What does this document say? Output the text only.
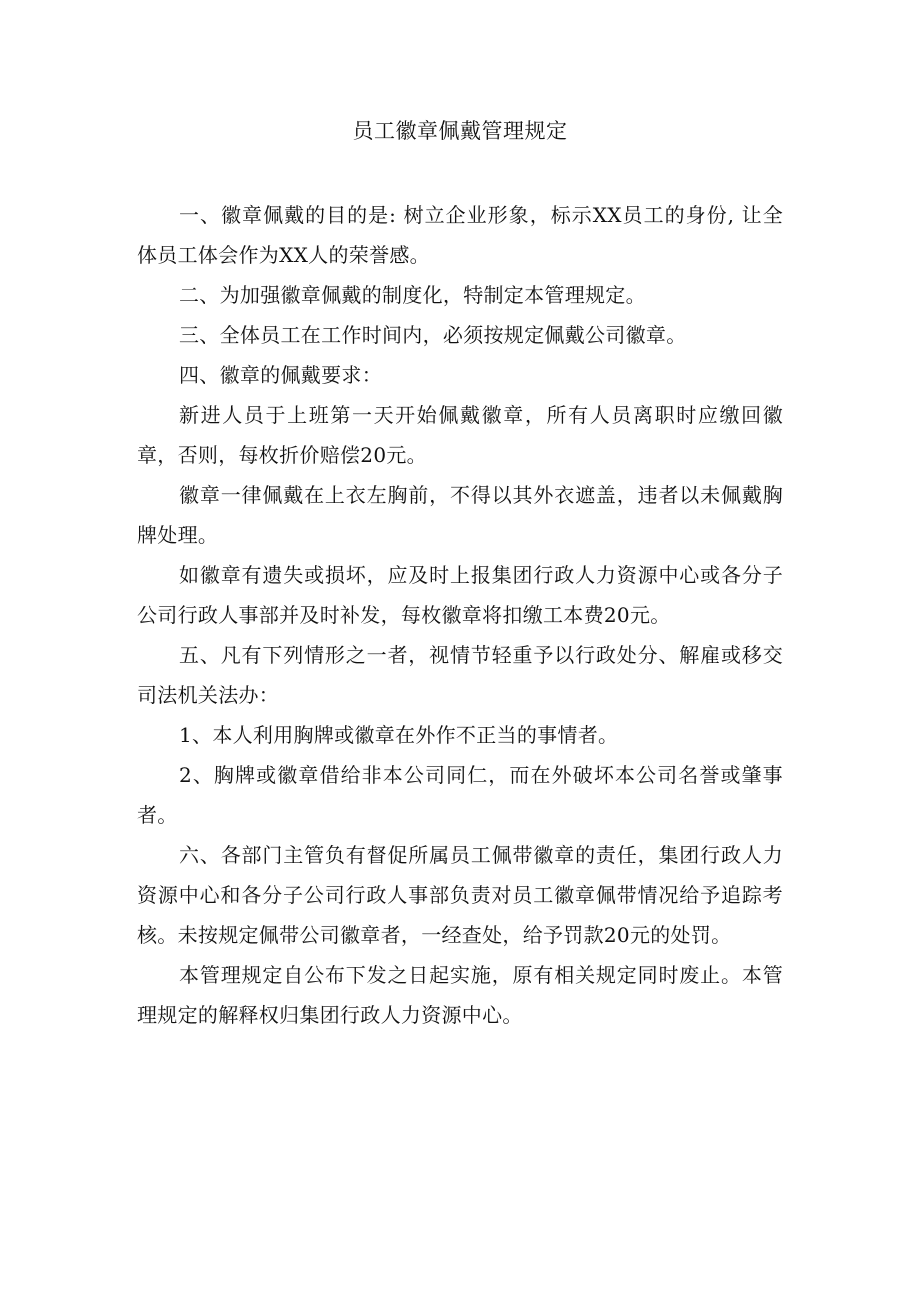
员工徽章佩戴管理规定

一、徽章佩戴的目的是: 树立企业形象，标示XX员工的身份, 让全体员工体会作为XX人的荣誉感。

二、为加强徽章佩戴的制度化，特制定本管理规定。

三、全体员工在工作时间内，必须按规定佩戴公司徽章。

四、徽章的佩戴要求：

新进人员于上班第一天开始佩戴徽章，所有人员离职时应缴回徽章，否则，每枚折价赔偿20元。

徽章一律佩戴在上衣左胸前，不得以其外衣遮盖，违者以未佩戴胸牌处理。

如徽章有遗失或损坏，应及时上报集团行政人力资源中心或各分子公司行政人事部并及时补发，每枚徽章将扣缴工本费20元。

五、凡有下列情形之一者，视情节轻重予以行政处分、解雇或移交司法机关法办：

1、本人利用胸牌或徽章在外作不正当的事情者。

2、胸牌或徽章借给非本公司同仁，而在外破坏本公司名誉或肇事者。

六、各部门主管负有督促所属员工佩带徽章的责任，集团行政人力资源中心和各分子公司行政人事部负责对员工徽章佩带情况给予追踪考核。未按规定佩带公司徽章者，一经查处，给予罚款20元的处罚。

本管理规定自公布下发之日起实施，原有相关规定同时废止。本管理规定的解释权归集团行政人力资源中心。
